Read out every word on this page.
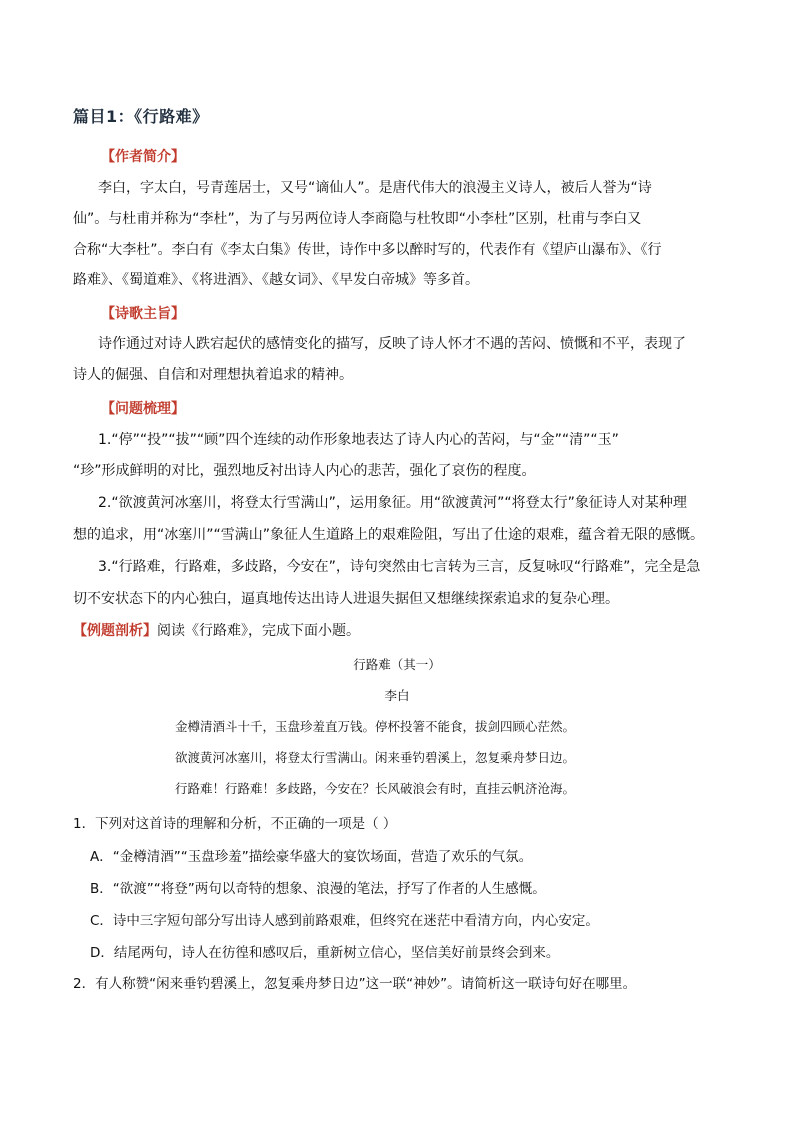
篇目1：《行路难》
【作者简介】
李白，字太白，号青莲居士，又号“谪仙人”。是唐代伟大的浪漫主义诗人，被后人誉为“诗
仙”。与杜甫并称为“李杜”，为了与另两位诗人李商隐与杜牧即“小李杜”区别，杜甫与李白又
合称“大李杜”。李白有《李太白集》传世，诗作中多以醉时写的，代表作有《望庐山瀑布》、《行
路难》、《蜀道难》、《将进酒》、《越女词》、《早发白帝城》等多首。
【诗歌主旨】
诗作通过对诗人跌宕起伏的感情变化的描写，反映了诗人怀才不遇的苦闷、愤慨和不平，表现了
诗人的倔强、自信和对理想执着追求的精神。
【问题梳理】
1.“停”“投”“拔”“顾”四个连续的动作形象地表达了诗人内心的苦闷，与“金”“清”“玉”
“珍”形成鲜明的对比，强烈地反衬出诗人内心的悲苦，强化了哀伤的程度。
2.“欲渡黄河冰塞川，将登太行雪满山”，运用象征。用“欲渡黄河”“将登太行”象征诗人对某种理
想的追求，用“冰塞川”“雪满山”象征人生道路上的艰难险阻，写出了仕途的艰难，蕴含着无限的感慨。
3.“行路难，行路难，多歧路，今安在”，诗句突然由七言转为三言，反复咏叹“行路难”，完全是急
切不安状态下的内心独白，逼真地传达出诗人进退失据但又想继续探索追求的复杂心理。
【例题剖析】阅读《行路难》，完成下面小题。
行路难（其一）
李白
金樽清酒斗十千，玉盘珍羞直万钱。停杯投箸不能食，拔剑四顾心茫然。
欲渡黄河冰塞川，将登太行雪满山。闲来垂钓碧溪上，忽复乘舟梦日边。
行路难！行路难！多歧路，今安在？长风破浪会有时，直挂云帆济沧海。
1．下列对这首诗的理解和分析，不正确的一项是（ ）
A．“金樽清酒”“玉盘珍羞”描绘豪华盛大的宴饮场面，营造了欢乐的气氛。
B．“欲渡”“将登”两句以奇特的想象、浪漫的笔法，抒写了作者的人生感慨。
C．诗中三字短句部分写出诗人感到前路艰难，但终究在迷茫中看清方向，内心安定。
D．结尾两句，诗人在彷徨和感叹后，重新树立信心，坚信美好前景终会到来。
2．有人称赞“闲来垂钓碧溪上，忽复乘舟梦日边”这一联“神妙”。请简析这一联诗句好在哪里。
